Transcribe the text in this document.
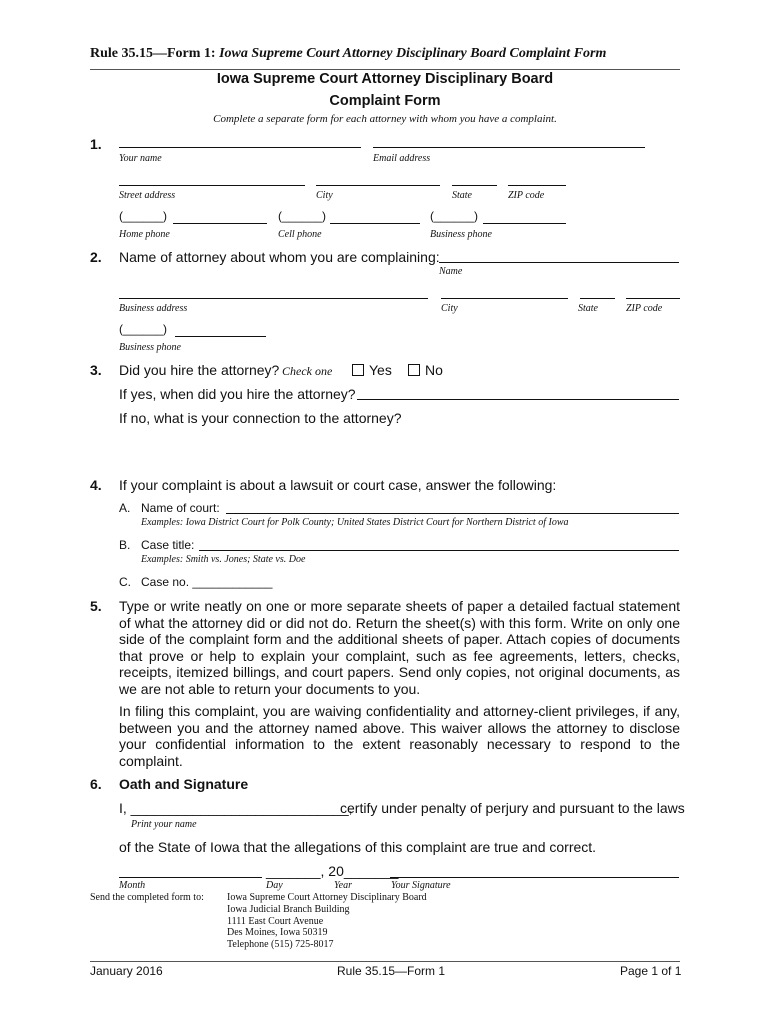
Rule 35.15—Form 1: Iowa Supreme Court Attorney Disciplinary Board Complaint Form
Iowa Supreme Court Attorney Disciplinary Board
Complaint Form
Complete a separate form for each attorney with whom you have a complaint.
1.
Your name	Email address
Street address	City	State	ZIP code
(______)	(______)	(______)
Home phone	Cell phone	Business phone
2. Name of attorney about whom you are complaining:
Name
Business address	City	State	ZIP code
(______)
Business phone
3. Did you hire the attorney? Check one	Yes No
If yes, when did you hire the attorney?
If no, what is your connection to the attorney?
4. If your complaint is about a lawsuit or court case, answer the following:
A. Name of court:
Examples: Iowa District Court for Polk County; United States District Court for Northern District of Iowa
B. Case title:
Examples: Smith vs. Jones; State vs. Doe
C. Case no. ____________
5. Type or write neatly on one or more separate sheets of paper a detailed factual statement of what the attorney did or did not do. Return the sheet(s) with this form. Write on only one side of the complaint form and the additional sheets of paper. Attach copies of documents that prove or help to explain your complaint, such as fee agreements, letters, checks, receipts, itemized billings, and court papers. Send only copies, not original documents, as we are not able to return your documents to you.
In filing this complaint, you are waiving confidentiality and attorney-client privileges, if any, between you and the attorney named above. This waiver allows the attorney to disclose your confidential information to the extent reasonably necessary to respond to the complaint.
6. Oath and Signature
I, ____________________________,
certify under penalty of perjury and pursuant to the laws
Print your name
of the State of Iowa that the allegations of this complaint are true and correct.
_______, 20_______
Month	Day	Year	Your Signature
Send the completed form to: Iowa Supreme Court Attorney Disciplinary Board
Iowa Judicial Branch Building
1111 East Court Avenue
Des Moines, Iowa 50319
Telephone (515) 725-8017
January 2016	Rule 35.15—Form 1	Page 1 of 1
